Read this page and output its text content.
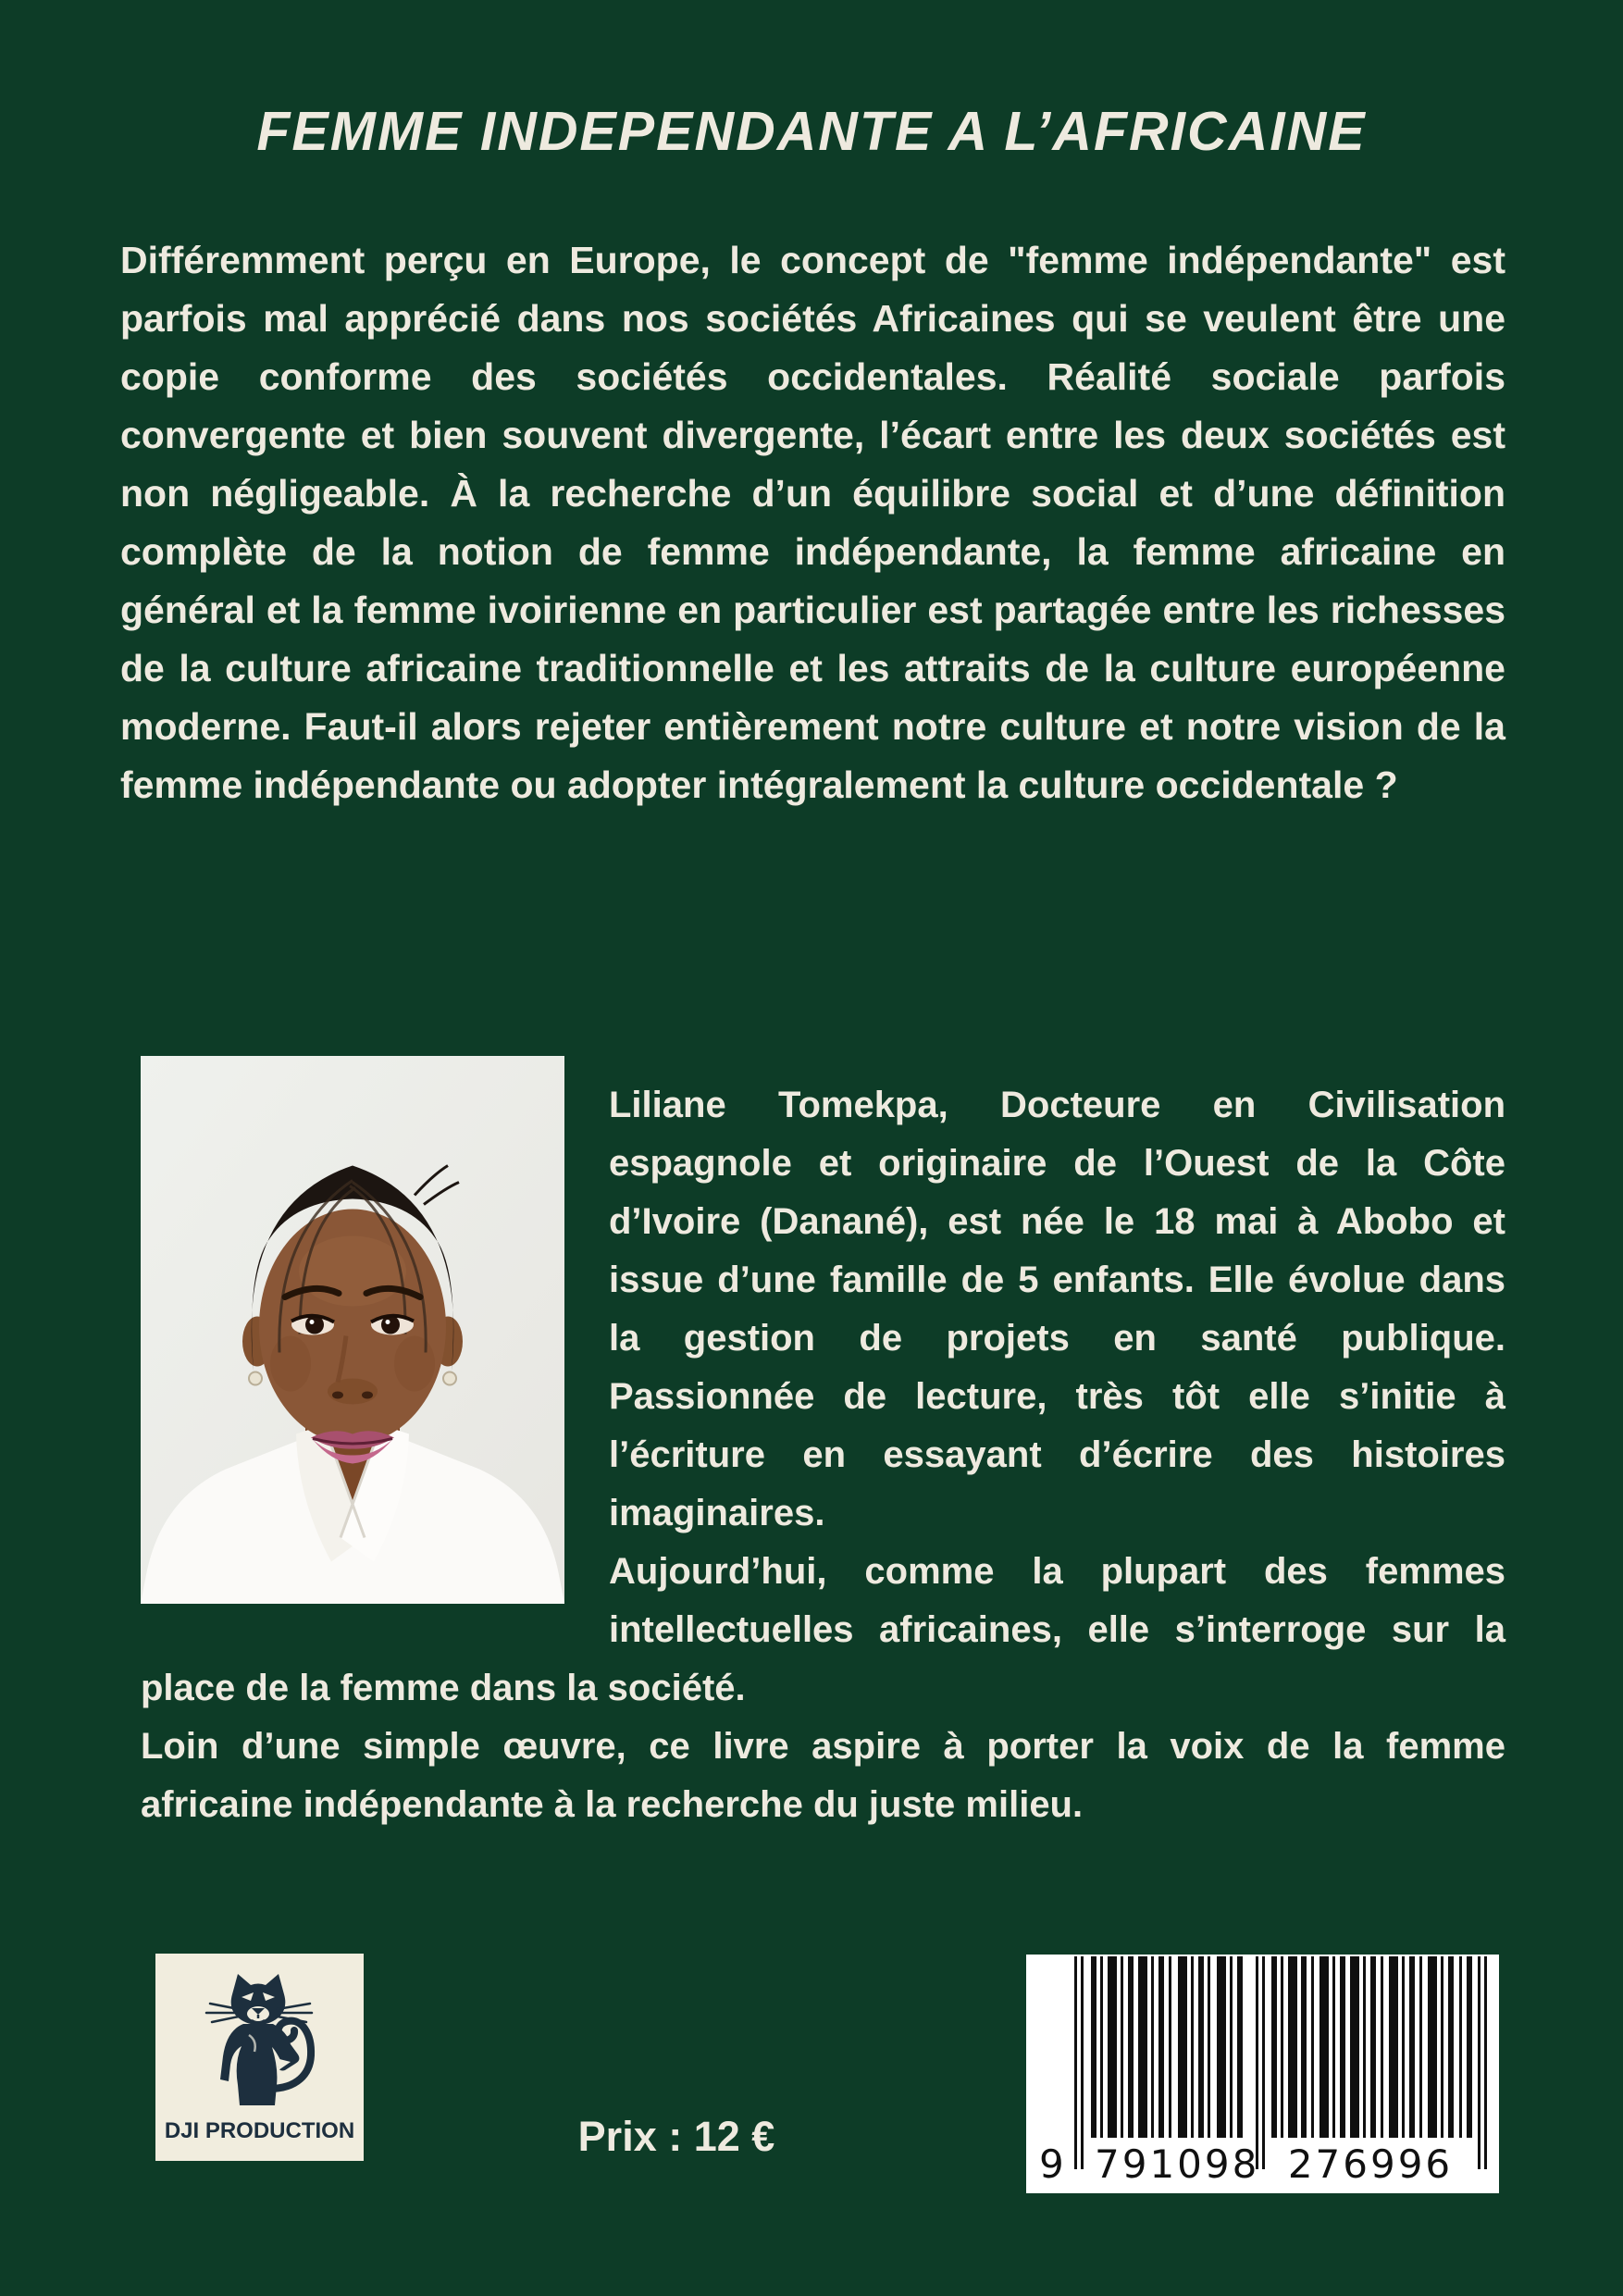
FEMME INDEPENDANTE A L’AFRICAINE

Différemment perçu en Europe, le concept de "femme indépendante" est parfois mal apprécié dans nos sociétés Africaines qui se veulent être une copie conforme des sociétés occidentales. Réalité sociale parfois convergente et bien souvent divergente, l’écart entre les deux sociétés est non négligeable. À la recherche d’un équilibre social et d’une définition complète de la notion de femme indépendante, la femme africaine en général et la femme ivoirienne en particulier est partagée entre les richesses de la culture africaine traditionnelle et les attraits de la culture européenne moderne. Faut-il alors rejeter entièrement notre culture et notre vision de la femme indépendante ou adopter intégralement la culture occidentale ?

Liliane Tomekpa, Docteure en Civilisation espagnole et originaire de l’Ouest de la Côte d’Ivoire (Danané), est née le 18 mai à Abobo et issue d’une famille de 5 enfants. Elle évolue dans la gestion de projets en santé publique. Passionnée de lecture, très tôt elle s’initie à l’écriture en essayant d’écrire des histoires imaginaires.

Aujourd’hui, comme la plupart des femmes intellectuelles africaines, elle s’interroge sur la place de la femme dans la société.

Loin d’une simple œuvre, ce livre aspire à porter la voix de la femme africaine indépendante à la recherche du juste milieu.

DJI PRODUCTION	Prix : 12 €

9 791098 276996
